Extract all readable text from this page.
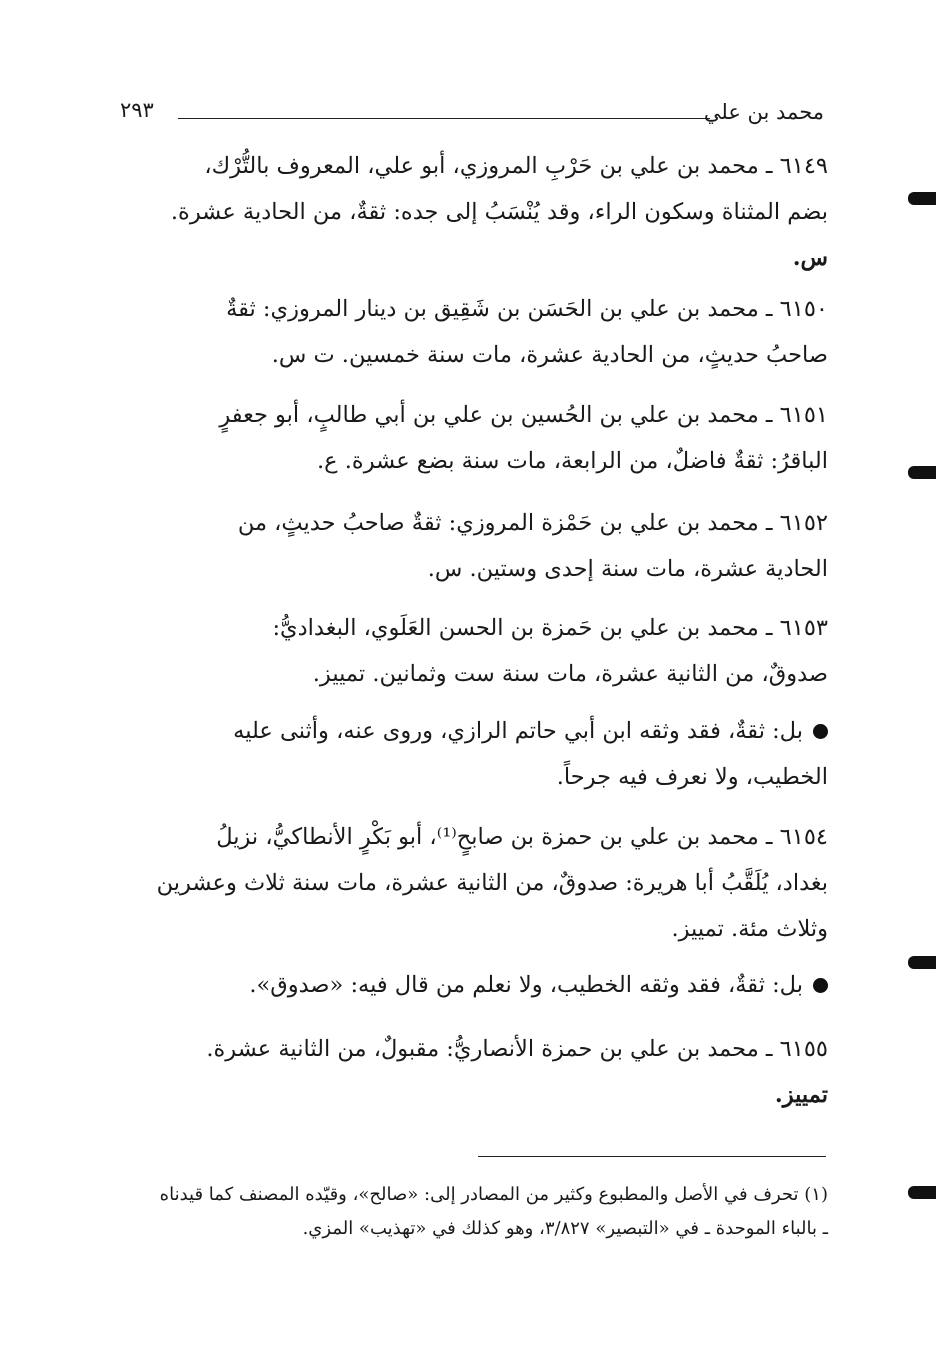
محمد بن علي
٢٩٣
٦١٤٩ ـ محمد بن علي بن حَرْبِ المروزي، أبو علي، المعروف بالتُّرْك،
بضم المثناة وسكون الراء، وقد يُنْسَبُ إلى جده: ثقةٌ، من الحادية عشرة.
س.
٦١٥٠ ـ محمد بن علي بن الحَسَن بن شَقِيق بن دينار المروزي: ثقةٌ
صاحبُ حديثٍ، من الحادية عشرة، مات سنة خمسين. ت س.
٦١٥١ ـ محمد بن علي بن الحُسين بن علي بن أبي طالبٍ، أبو جعفرٍ
الباقرُ: ثقةٌ فاضلٌ، من الرابعة، مات سنة بضع عشرة. ع.
٦١٥٢ ـ محمد بن علي بن حَمْزة المروزي: ثقةٌ صاحبُ حديثٍ، من
الحادية عشرة، مات سنة إحدى وستين. س.
٦١٥٣ ـ محمد بن علي بن حَمزة بن الحسن العَلَوي، البغداديُّ:
صدوقٌ، من الثانية عشرة، مات سنة ست وثمانين. تمييز.
بل: ثقةٌ، فقد وثقه ابن أبي حاتم الرازي، وروى عنه، وأثنى عليه
الخطيب، ولا نعرف فيه جرحاً.
٦١٥٤ ـ محمد بن علي بن حمزة بن صابحٍ⁽¹⁾، أبو بَكْرٍ الأنطاكيُّ، نزيلُ
بغداد، يُلَقَّبُ أبا هريرة: صدوقٌ، من الثانية عشرة، مات سنة ثلاث وعشرين
وثلاث مئة. تمييز.
بل: ثقةٌ، فقد وثقه الخطيب، ولا نعلم من قال فيه: «صدوق».
٦١٥٥ ـ محمد بن علي بن حمزة الأنصاريُّ: مقبولٌ، من الثانية عشرة.
تمييز.
(١) تحرف في الأصل والمطبوع وكثير من المصادر إلى: «صالح»، وقيّده المصنف كما قيدناه
ـ بالباء الموحدة ـ في «التبصير» ٣/٨٢٧، وهو كذلك في «تهذيب» المزي.
